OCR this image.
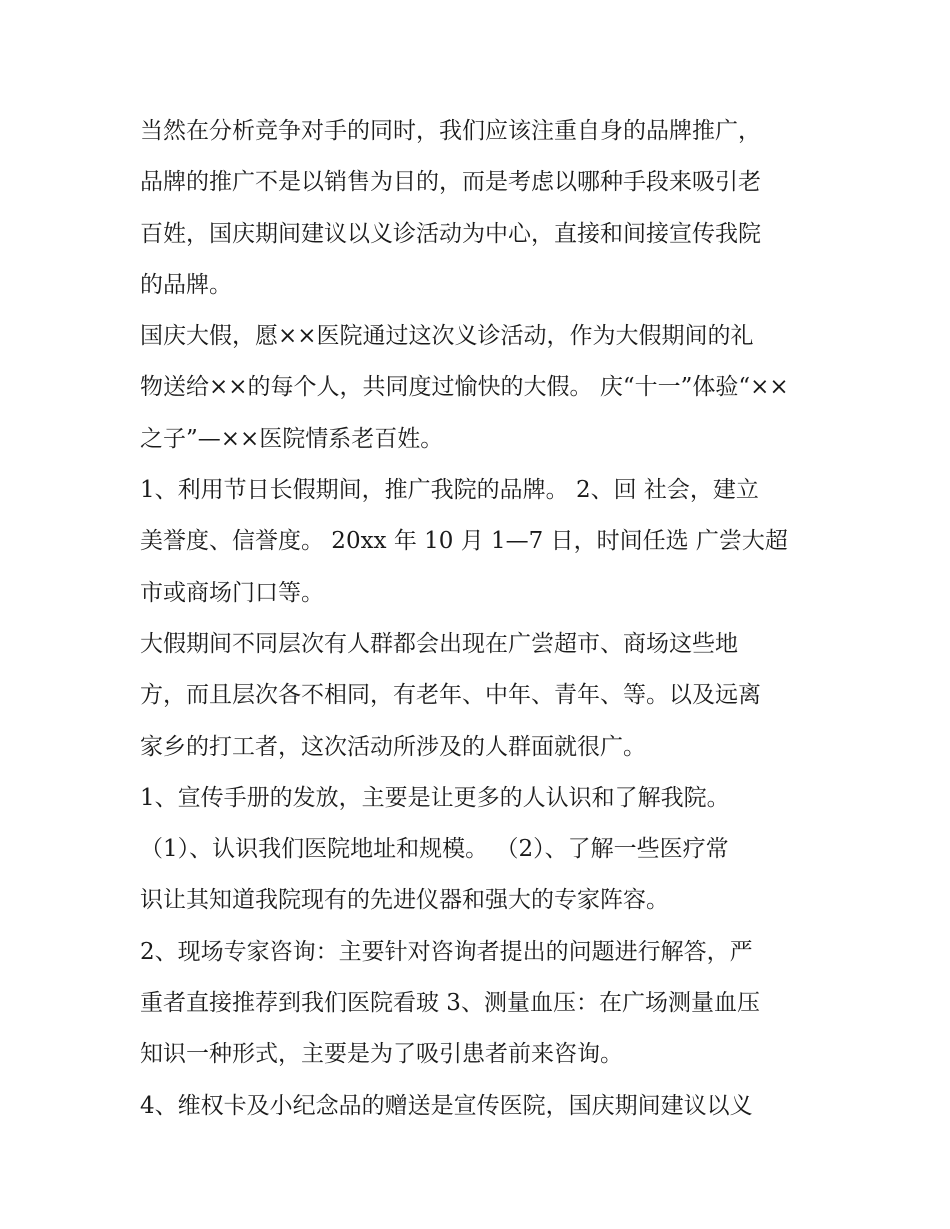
当然在分析竞争对手的同时，我们应该注重自身的品牌推广，
品牌的推广不是以销售为目的，而是考虑以哪种手段来吸引老
百姓，国庆期间建议以义诊活动为中心，直接和间接宣传我院
的品牌。
国庆大假，愿××医院通过这次义诊活动，作为大假期间的礼
物送给××的每个人，共同度过愉快的大假。 庆“十一”体验“××
之子”—××医院情系老百姓。
1、利用节日长假期间，推广我院的品牌。 2、回 社会，建立
美誉度、信誉度。 20xx 年 10 月 1—7 日，时间任选 广尝大超
市或商场门口等。
大假期间不同层次有人群都会出现在广尝超市、商场这些地
方，而且层次各不相同，有老年、中年、青年、等。以及远离
家乡的打工者，这次活动所涉及的人群面就很广。
1、宣传手册的发放，主要是让更多的人认识和了解我院。
（1）、认识我们医院地址和规模。 （2）、了解一些医疗常
识让其知道我院现有的先进仪器和强大的专家阵容。
2、现场专家咨询：主要针对咨询者提出的问题进行解答，严
重者直接推荐到我们医院看玻 3、测量血压：在广场测量血压
知识一种形式，主要是为了吸引患者前来咨询。
4、维权卡及小纪念品的赠送是宣传医院，国庆期间建议以义
